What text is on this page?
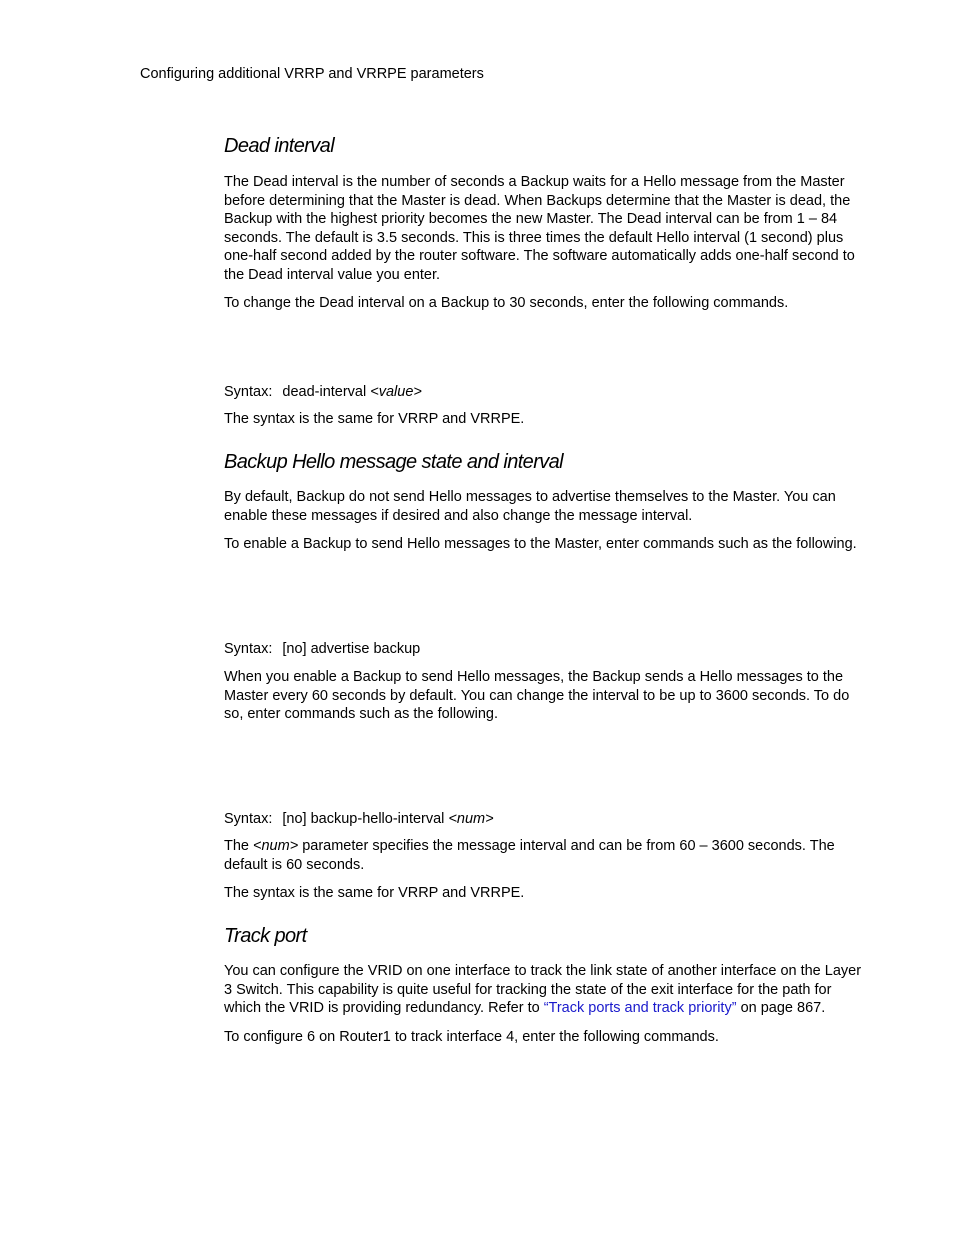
Configuring additional VRRP and VRRPE parameters
Dead interval

The Dead interval is the number of seconds a Backup waits for a Hello message from the Master before determining that the Master is dead. When Backups determine that the Master is dead, the Backup with the highest priority becomes the new Master. The Dead interval can be from 1 – 84 seconds. The default is 3.5 seconds. This is three times the default Hello interval (1 second) plus one-half second added by the router software. The software automatically adds one-half second to the Dead interval value you enter.

To change the Dead interval on a Backup to 30 seconds, enter the following commands.

Syntax: dead-interval <value>

The syntax is the same for VRRP and VRRPE.

Backup Hello message state and interval

By default, Backup do not send Hello messages to advertise themselves to the Master. You can enable these messages if desired and also change the message interval.

To enable a Backup to send Hello messages to the Master, enter commands such as the following.

Syntax: [no] advertise backup

When you enable a Backup to send Hello messages, the Backup sends a Hello messages to the Master every 60 seconds by default. You can change the interval to be up to 3600 seconds. To do so, enter commands such as the following.

Syntax: [no] backup-hello-interval <num>

The <num> parameter specifies the message interval and can be from 60 – 3600 seconds. The default is 60 seconds.

The syntax is the same for VRRP and VRRPE.

Track port

You can configure the VRID on one interface to track the link state of another interface on the Layer 3 Switch. This capability is quite useful for tracking the state of the exit interface for the path for which the VRID is providing redundancy. Refer to “Track ports and track priority” on page 867.

To configure 6 on Router1 to track interface 4, enter the following commands.
